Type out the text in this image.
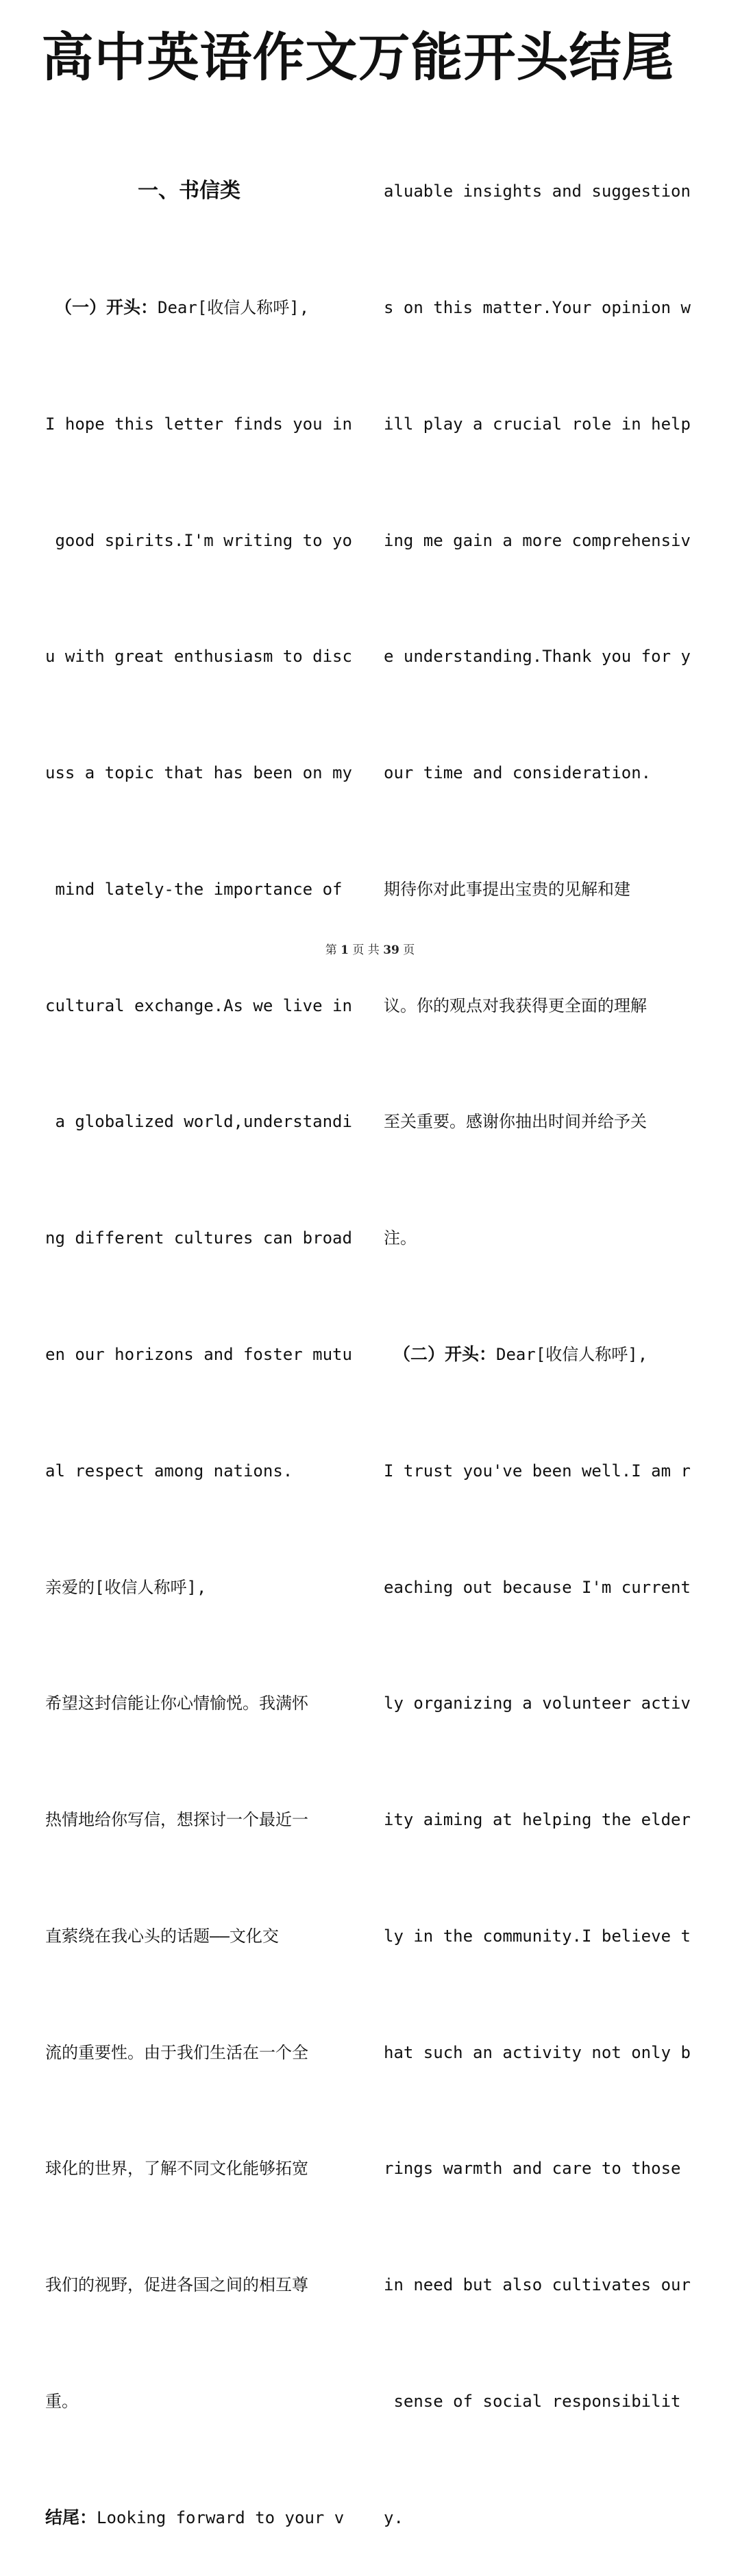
高中英语作文万能开头结尾

一、书信类

（一）开头：Dear[收信人称呼],

I hope this letter finds you in

good spirits.I'm writing to yo

u with great enthusiasm to disc

uss a topic that has been on my

mind lately-the importance of

cultural exchange.As we live in

a globalized world,understandi

ng different cultures can broad

en our horizons and foster mutu

al respect among nations.

亲爱的[收信人称呼],

希望这封信能让你心情愉悦。我满怀

热情地给你写信，想探讨一个最近一

直萦绕在我心头的话题——文化交

流的重要性。由于我们生活在一个全

球化的世界，了解不同文化能够拓宽

我们的视野，促进各国之间的相互尊

重。

结尾：Looking forward to your v

aluable insights and suggestion

s on this matter.Your opinion w

ill play a crucial role in help

ing me gain a more comprehensiv

e understanding.Thank you for y

our time and consideration.

期待你对此事提出宝贵的见解和建

议。你的观点对我获得更全面的理解

至关重要。感谢你抽出时间并给予关

注。

（二）开头：Dear[收信人称呼],

I trust you've been well.I am r

eaching out because I'm current

ly organizing a volunteer activ

ity aiming at helping the elder

ly in the community.I believe t

hat such an activity not only b

rings warmth and care to those

in need but also cultivates our

sense of social responsibilit

y.

第 1 页 共 39 页
